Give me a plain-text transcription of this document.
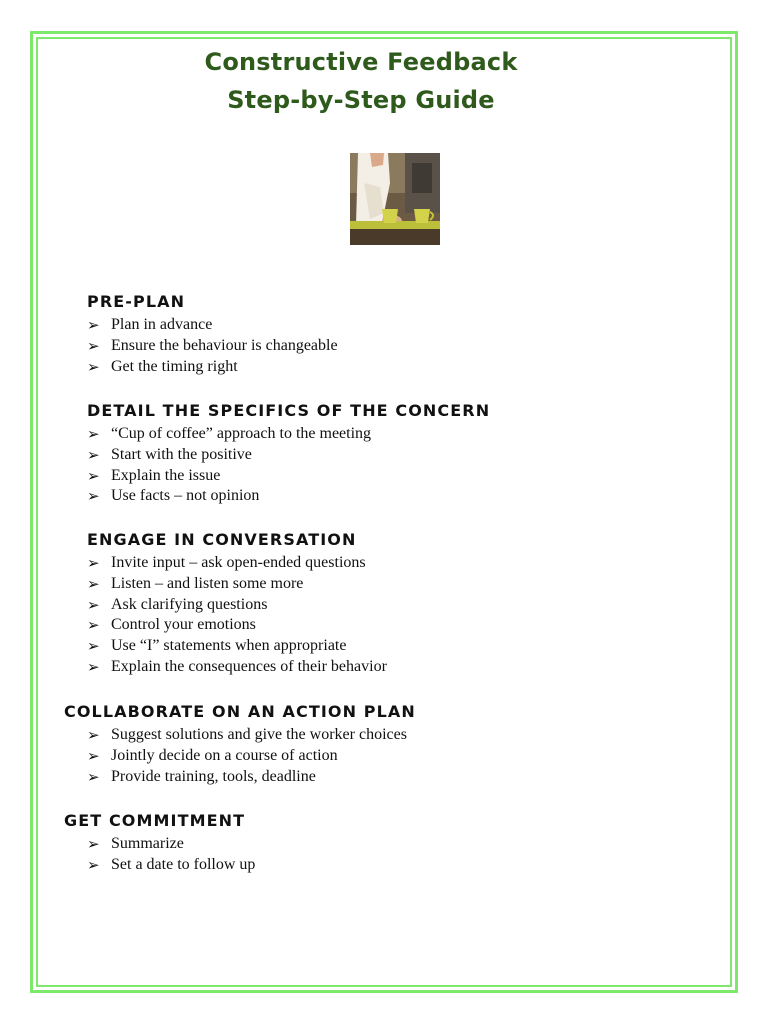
Constructive Feedback
Step-by-Step Guide
PRE-PLAN
➢ Plan in advance
➢ Ensure the behaviour is changeable
➢ Get the timing right
DETAIL THE SPECIFICS OF THE CONCERN
➢ “Cup of coffee” approach to the meeting
➢ Start with the positive
➢ Explain the issue
➢ Use facts – not opinion
ENGAGE IN CONVERSATION
➢ Invite input – ask open-ended questions
➢ Listen – and listen some more
➢ Ask clarifying questions
➢ Control your emotions
➢ Use “I” statements when appropriate
➢ Explain the consequences of their behavior
COLLABORATE ON AN ACTION PLAN
➢ Suggest solutions and give the worker choices
➢ Jointly decide on a course of action
➢ Provide training, tools, deadline
GET COMMITMENT
➢ Summarize
➢ Set a date to follow up
